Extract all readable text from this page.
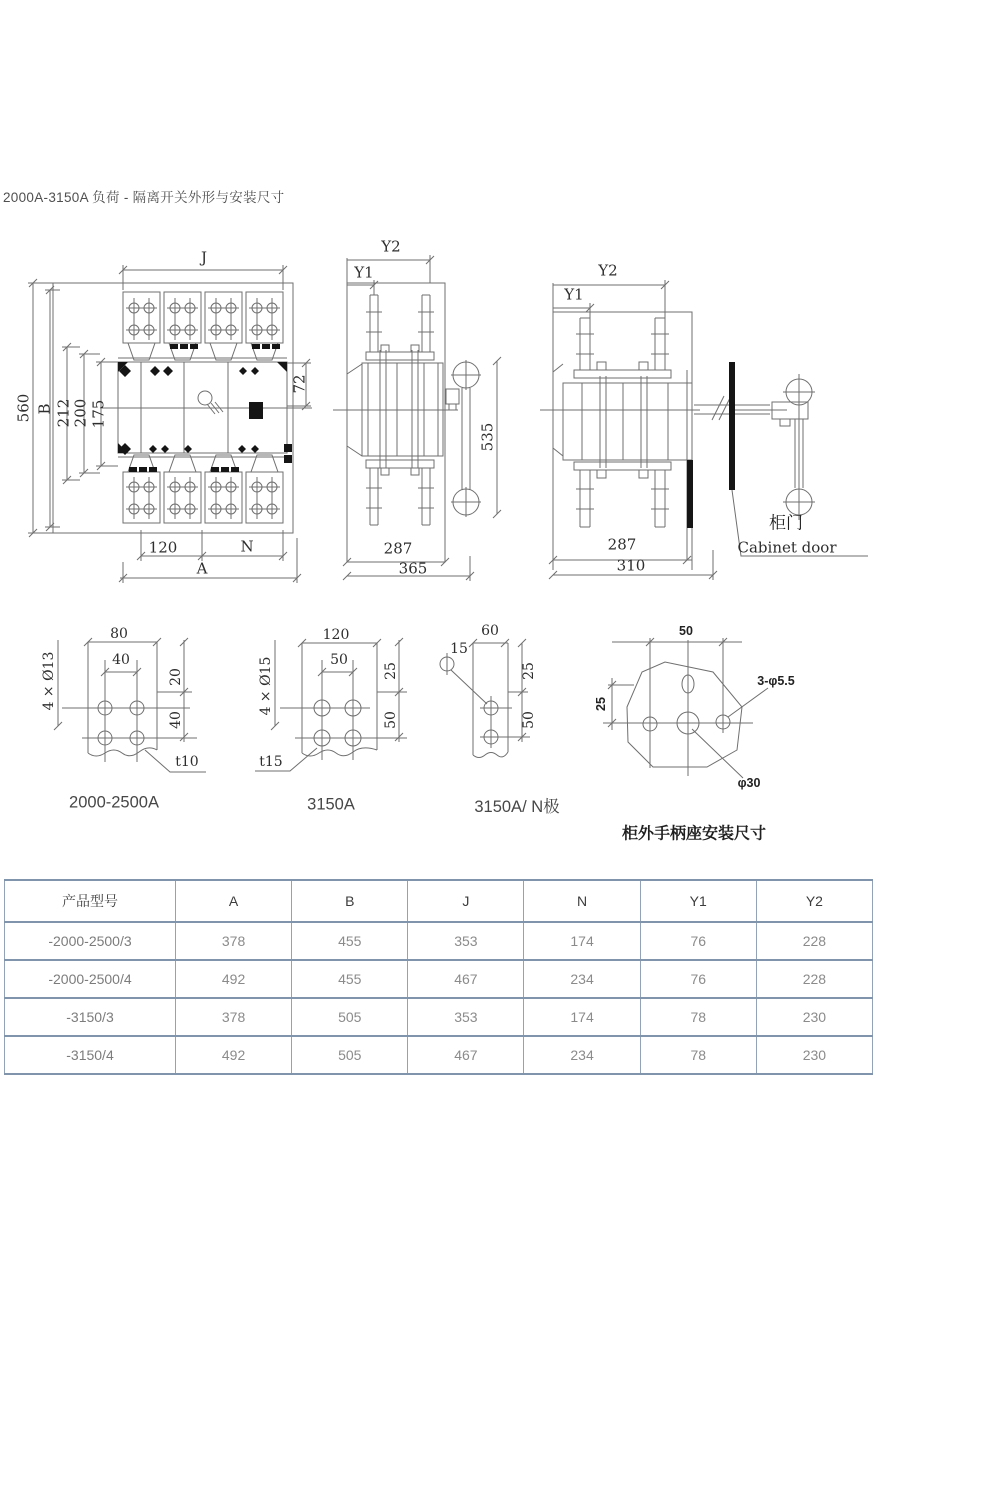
2000A-3150A 负荷 - 隔离开关外形与安装尺寸
J
560 B 212 200 175
72
120	N
A
Y2
Y1
535
287
365
Y2
Y1
287
310
柜门
Cabinet door
80
40
4 × Ø13	20
40
t10
2000-2500A
120
50
4 × Ø15	25
50
t15
3150A
60
15
25
50
3150A/ N极
50
25
3-φ5.5
φ30
柜外手柄座安装尺寸
产品型号	A	B	J	N	Y1	Y2
-2000-2500/3	378	455	353	174	76	228
-2000-2500/4	492	455	467	234	76	228
-3150/3	378	505	353	174	78	230
-3150/4	492	505	467	234	78	230
